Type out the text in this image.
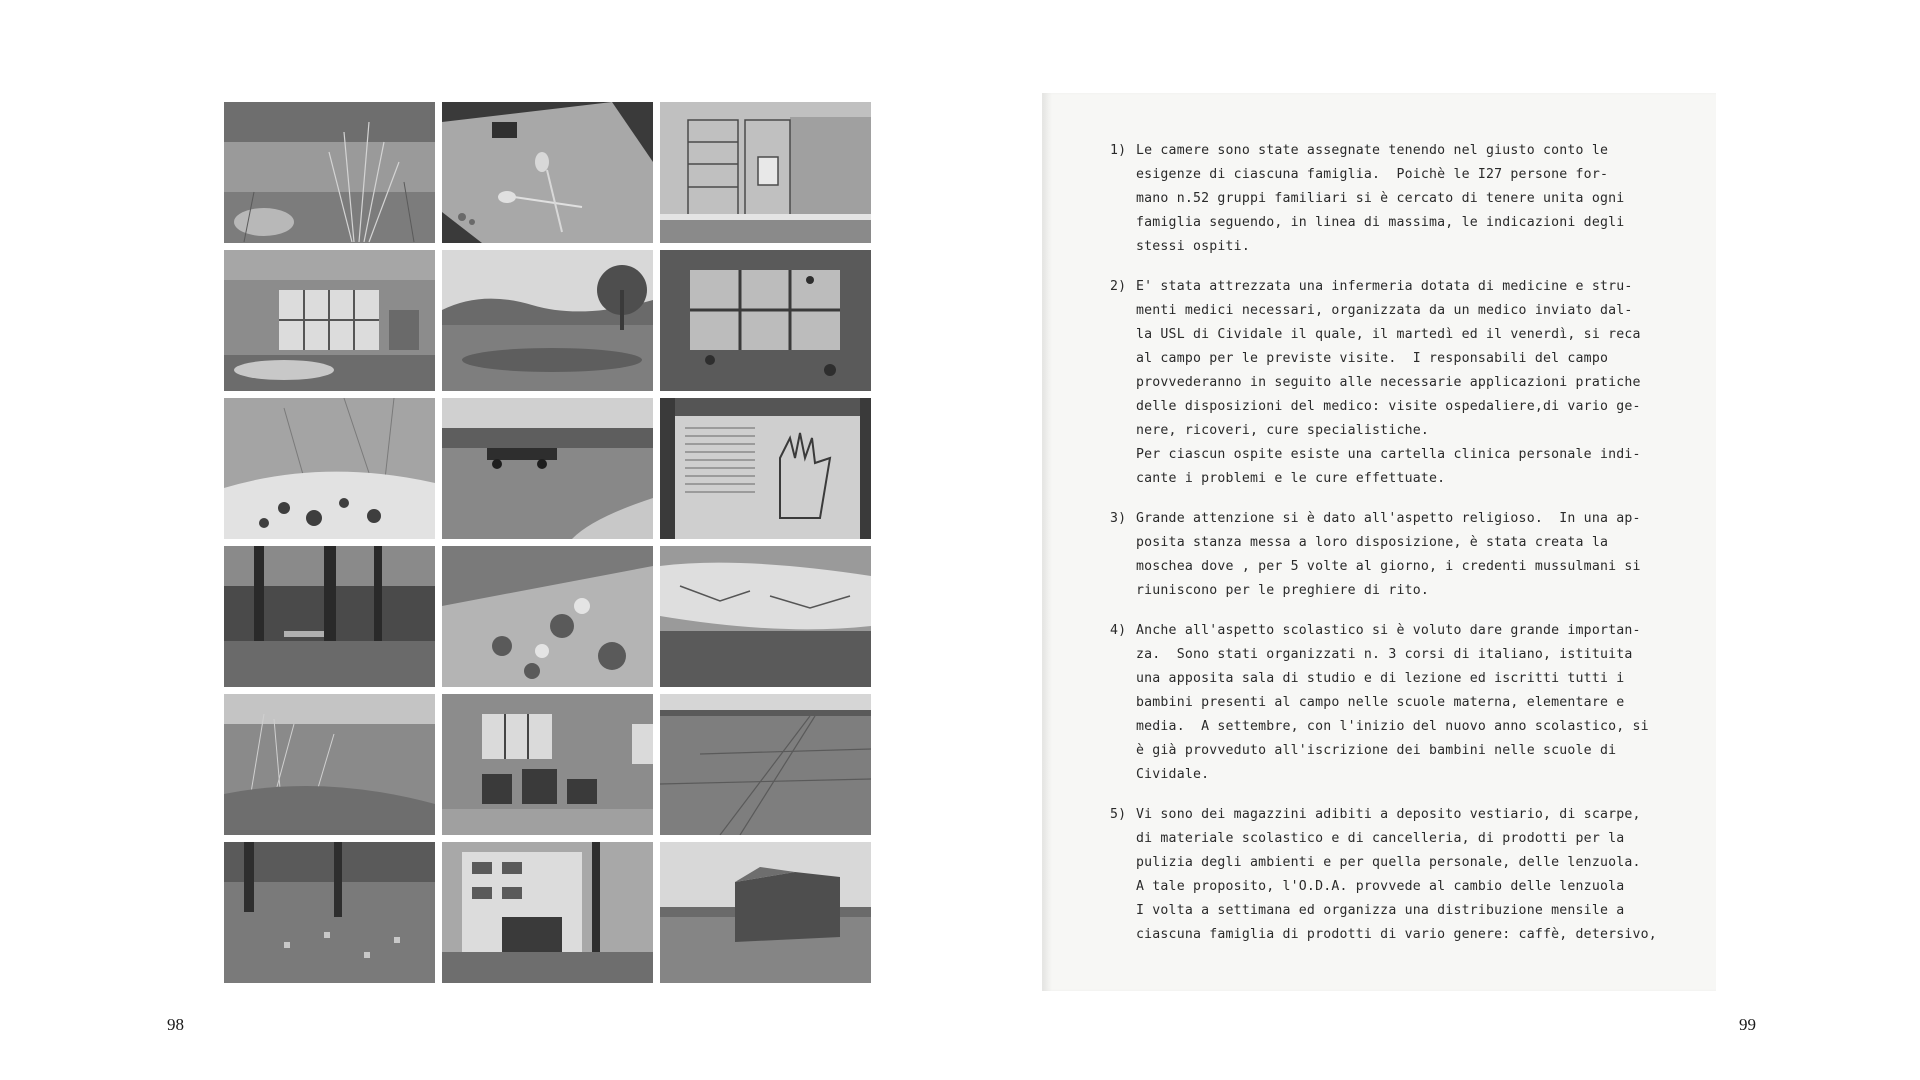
98
1) Le camere sono state assegnate tenendo nel giusto conto le
esigenze di ciascuna famiglia.  Poichè le I27 persone for-
mano n.52 gruppi familiari si è cercato di tenere unita ogni
famiglia seguendo, in linea di massima, le indicazioni degli
stessi ospiti.
2) E' stata attrezzata una infermeria dotata di medicine e stru-
menti medici necessari, organizzata da un medico inviato dal-
la USL di Cividale il quale, il martedì ed il venerdì, si reca
al campo per le previste visite.  I responsabili del campo
provvederanno in seguito alle necessarie applicazioni pratiche
delle disposizioni del medico: visite ospedaliere,di vario ge-
nere, ricoveri, cure specialistiche.
Per ciascun ospite esiste una cartella clinica personale indi-
cante i problemi e le cure effettuate.
3) Grande attenzione si è dato all'aspetto religioso.  In una ap-
posita stanza messa a loro disposizione, è stata creata la
moschea dove , per 5 volte al giorno, i credenti mussulmani si
riuniscono per le preghiere di rito.
4) Anche all'aspetto scolastico si è voluto dare grande importan-
za.  Sono stati organizzati n. 3 corsi di italiano, istituita
una apposita sala di studio e di lezione ed iscritti tutti i
bambini presenti al campo nelle scuole materna, elementare e
media.  A settembre, con l'inizio del nuovo anno scolastico, si
è già provveduto all'iscrizione dei bambini nelle scuole di
Cividale.
5) Vi sono dei magazzini adibiti a deposito vestiario, di scarpe,
di materiale scolastico e di cancelleria, di prodotti per la
pulizia degli ambienti e per quella personale, delle lenzuola.
A tale proposito, l'O.D.A. provvede al cambio delle lenzuola
I volta a settimana ed organizza una distribuzione mensile a
ciascuna famiglia di prodotti di vario genere: caffè, detersivo,
99
